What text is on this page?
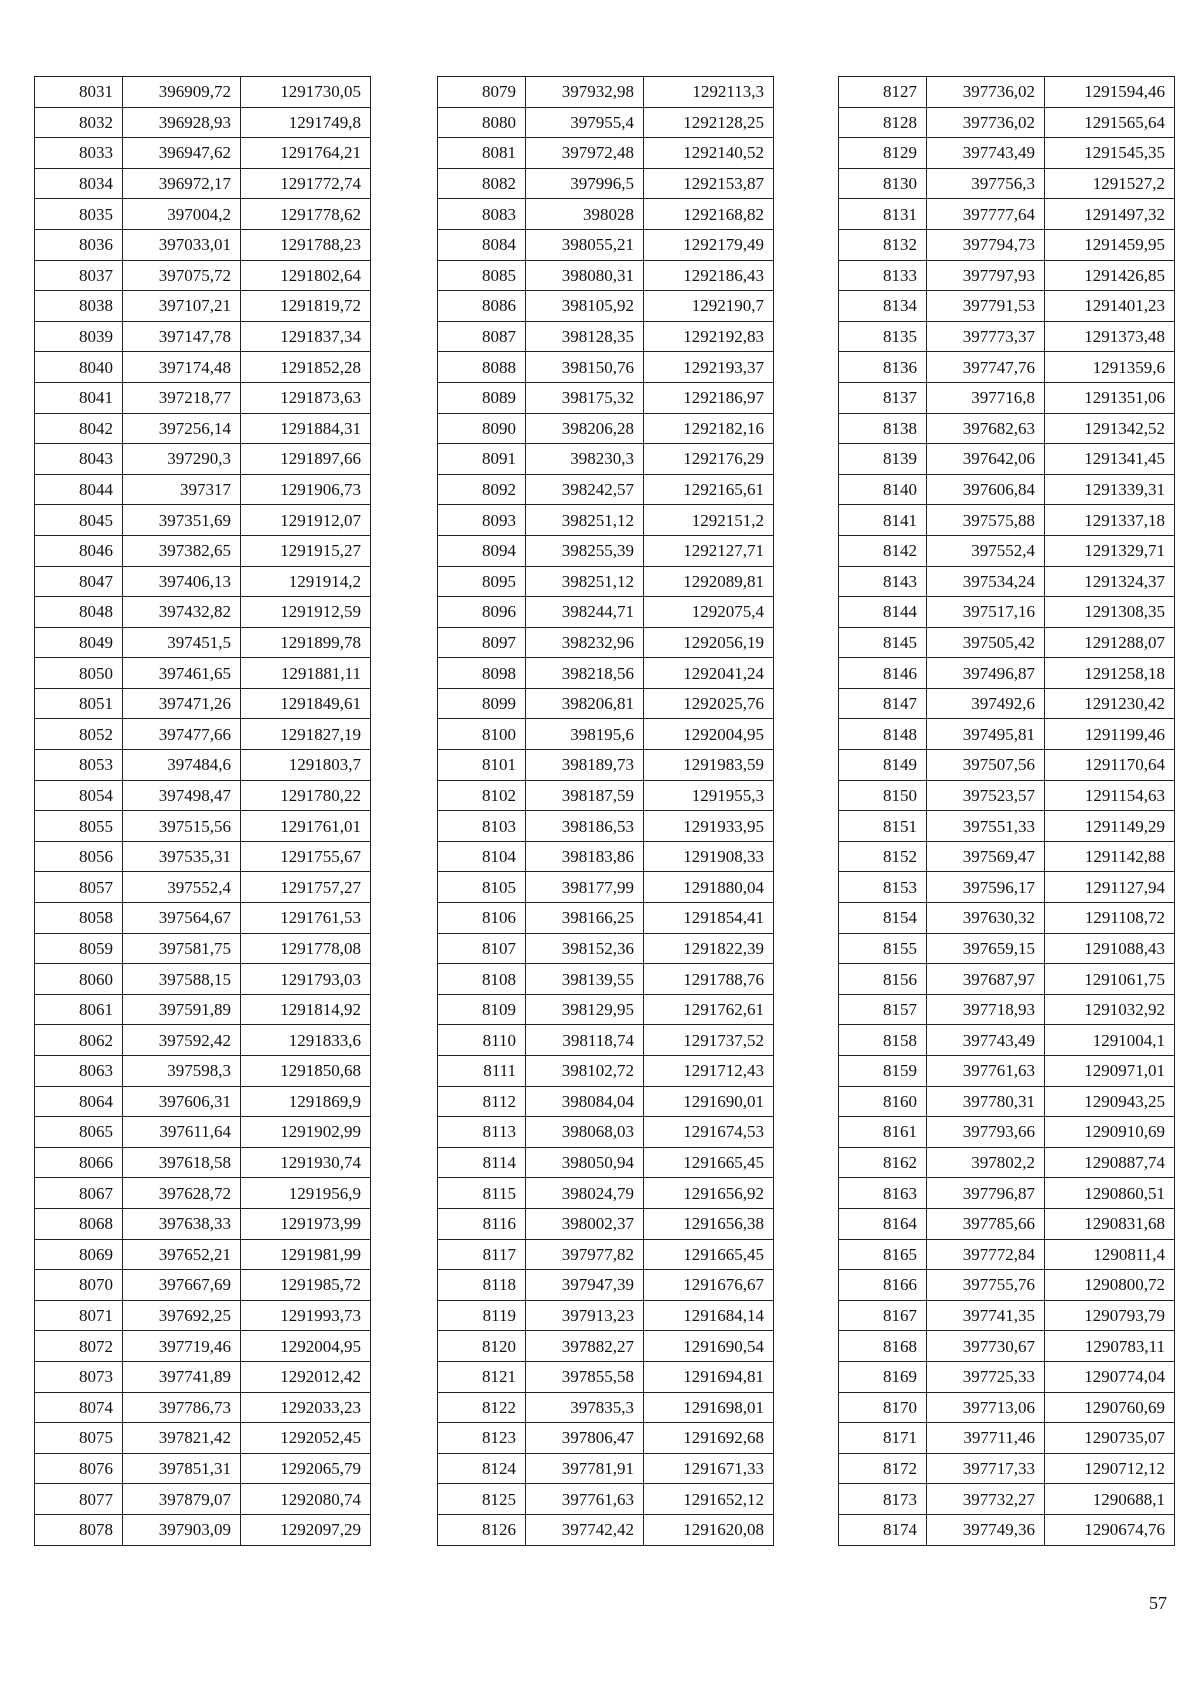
8031	396909,72	1291730,05
8032	396928,93	1291749,8
8033	396947,62	1291764,21
8034	396972,17	1291772,74
8035	397004,2	1291778,62
8036	397033,01	1291788,23
8037	397075,72	1291802,64
8038	397107,21	1291819,72
8039	397147,78	1291837,34
8040	397174,48	1291852,28
8041	397218,77	1291873,63
8042	397256,14	1291884,31
8043	397290,3	1291897,66
8044	397317	1291906,73
8045	397351,69	1291912,07
8046	397382,65	1291915,27
8047	397406,13	1291914,2
8048	397432,82	1291912,59
8049	397451,5	1291899,78
8050	397461,65	1291881,11
8051	397471,26	1291849,61
8052	397477,66	1291827,19
8053	397484,6	1291803,7
8054	397498,47	1291780,22
8055	397515,56	1291761,01
8056	397535,31	1291755,67
8057	397552,4	1291757,27
8058	397564,67	1291761,53
8059	397581,75	1291778,08
8060	397588,15	1291793,03
8061	397591,89	1291814,92
8062	397592,42	1291833,6
8063	397598,3	1291850,68
8064	397606,31	1291869,9
8065	397611,64	1291902,99
8066	397618,58	1291930,74
8067	397628,72	1291956,9
8068	397638,33	1291973,99
8069	397652,21	1291981,99
8070	397667,69	1291985,72
8071	397692,25	1291993,73
8072	397719,46	1292004,95
8073	397741,89	1292012,42
8074	397786,73	1292033,23
8075	397821,42	1292052,45
8076	397851,31	1292065,79
8077	397879,07	1292080,74
8078	397903,09	1292097,29
8079	397932,98	1292113,3
8080	397955,4	1292128,25
8081	397972,48	1292140,52
8082	397996,5	1292153,87
8083	398028	1292168,82
8084	398055,21	1292179,49
8085	398080,31	1292186,43
8086	398105,92	1292190,7
8087	398128,35	1292192,83
8088	398150,76	1292193,37
8089	398175,32	1292186,97
8090	398206,28	1292182,16
8091	398230,3	1292176,29
8092	398242,57	1292165,61
8093	398251,12	1292151,2
8094	398255,39	1292127,71
8095	398251,12	1292089,81
8096	398244,71	1292075,4
8097	398232,96	1292056,19
8098	398218,56	1292041,24
8099	398206,81	1292025,76
8100	398195,6	1292004,95
8101	398189,73	1291983,59
8102	398187,59	1291955,3
8103	398186,53	1291933,95
8104	398183,86	1291908,33
8105	398177,99	1291880,04
8106	398166,25	1291854,41
8107	398152,36	1291822,39
8108	398139,55	1291788,76
8109	398129,95	1291762,61
8110	398118,74	1291737,52
8111	398102,72	1291712,43
8112	398084,04	1291690,01
8113	398068,03	1291674,53
8114	398050,94	1291665,45
8115	398024,79	1291656,92
8116	398002,37	1291656,38
8117	397977,82	1291665,45
8118	397947,39	1291676,67
8119	397913,23	1291684,14
8120	397882,27	1291690,54
8121	397855,58	1291694,81
8122	397835,3	1291698,01
8123	397806,47	1291692,68
8124	397781,91	1291671,33
8125	397761,63	1291652,12
8126	397742,42	1291620,08
8127	397736,02	1291594,46
8128	397736,02	1291565,64
8129	397743,49	1291545,35
8130	397756,3	1291527,2
8131	397777,64	1291497,32
8132	397794,73	1291459,95
8133	397797,93	1291426,85
8134	397791,53	1291401,23
8135	397773,37	1291373,48
8136	397747,76	1291359,6
8137	397716,8	1291351,06
8138	397682,63	1291342,52
8139	397642,06	1291341,45
8140	397606,84	1291339,31
8141	397575,88	1291337,18
8142	397552,4	1291329,71
8143	397534,24	1291324,37
8144	397517,16	1291308,35
8145	397505,42	1291288,07
8146	397496,87	1291258,18
8147	397492,6	1291230,42
8148	397495,81	1291199,46
8149	397507,56	1291170,64
8150	397523,57	1291154,63
8151	397551,33	1291149,29
8152	397569,47	1291142,88
8153	397596,17	1291127,94
8154	397630,32	1291108,72
8155	397659,15	1291088,43
8156	397687,97	1291061,75
8157	397718,93	1291032,92
8158	397743,49	1291004,1
8159	397761,63	1290971,01
8160	397780,31	1290943,25
8161	397793,66	1290910,69
8162	397802,2	1290887,74
8163	397796,87	1290860,51
8164	397785,66	1290831,68
8165	397772,84	1290811,4
8166	397755,76	1290800,72
8167	397741,35	1290793,79
8168	397730,67	1290783,11
8169	397725,33	1290774,04
8170	397713,06	1290760,69
8171	397711,46	1290735,07
8172	397717,33	1290712,12
8173	397732,27	1290688,1
8174	397749,36	1290674,76
57
